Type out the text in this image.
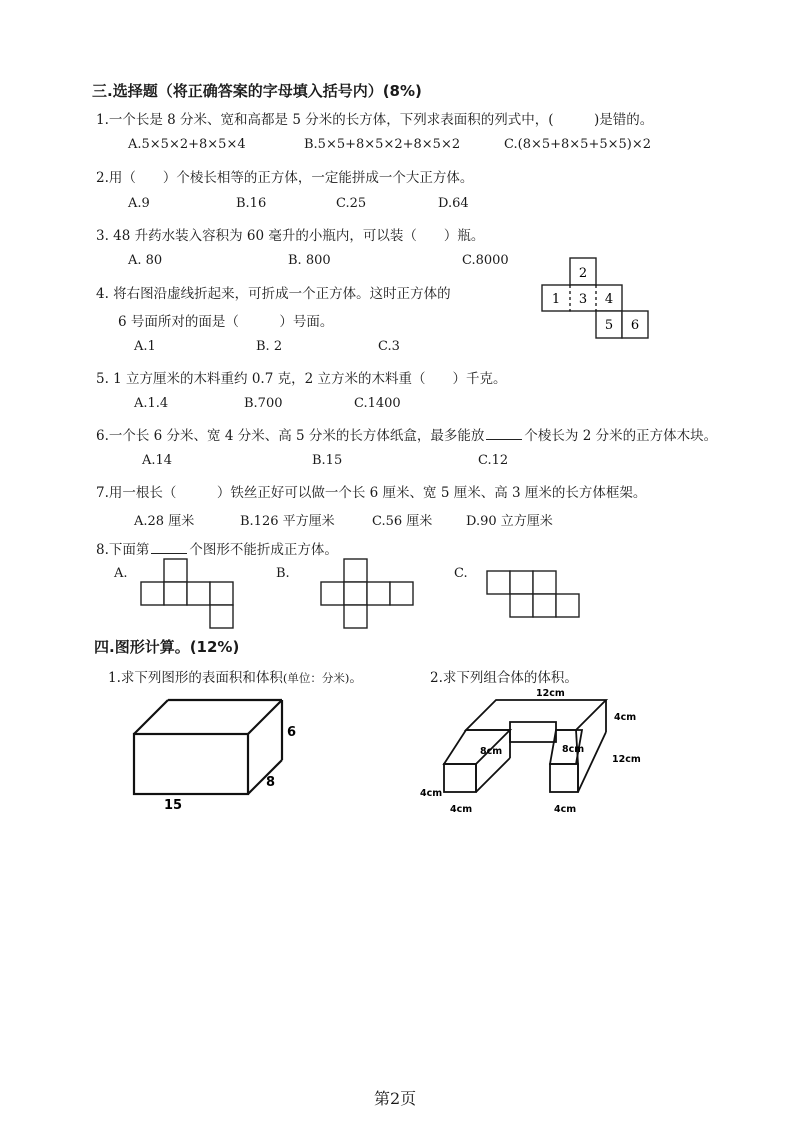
三.选择题（将正确答案的字母填入括号内）(8%)
1.一个长是 8 分米、宽和高都是 5 分米的长方体，下列求表面积的列式中，(　　　)是错的。
A.5×5×2+8×5×4	B.5×5+8×5×2+8×5×2	C.(8×5+8×5+5×5)×2
2.用（　　）个棱长相等的正方体，一定能拼成一个大正方体。
A.9	B.16	C.25	D.64
3. 48 升药水装入容积为 60 毫升的小瓶内，可以装（　　）瓶。
A. 80	B. 800	C.8000
4. 将右图沿虚线折起来，可折成一个正方体。这时正方体的
6 号面所对的面是（　　　）号面。
A.1	B. 2	C.3
2
1 3 4
5 6
5. 1 立方厘米的木料重约 0.7 克，2 立方米的木料重（　　）千克。
A.1.4	B.700	C.1400
6.一个长 6 分米、宽 4 分米、高 5 分米的长方体纸盒，最多能放	个棱长为 2 分米的正方体木块。
A.14	B.15	C.12
7.用一根长（　　　）铁丝正好可以做一个长 6 厘米、宽 5 厘米、高 3 厘米的长方体框架。
A.28 厘米	B.126 平方厘米	C.56 厘米	D.90 立方厘米
8.下面第	个图形不能折成正方体。
A.	B.	C.
四.图形计算。(12%)
1.求下列图形的表面积和体积(单位：分米)。	2.求下列组合体的体积。
6
8
15
12cm
4cm
8cm	8cm
12cm
4cm
4cm	4cm
第2页
